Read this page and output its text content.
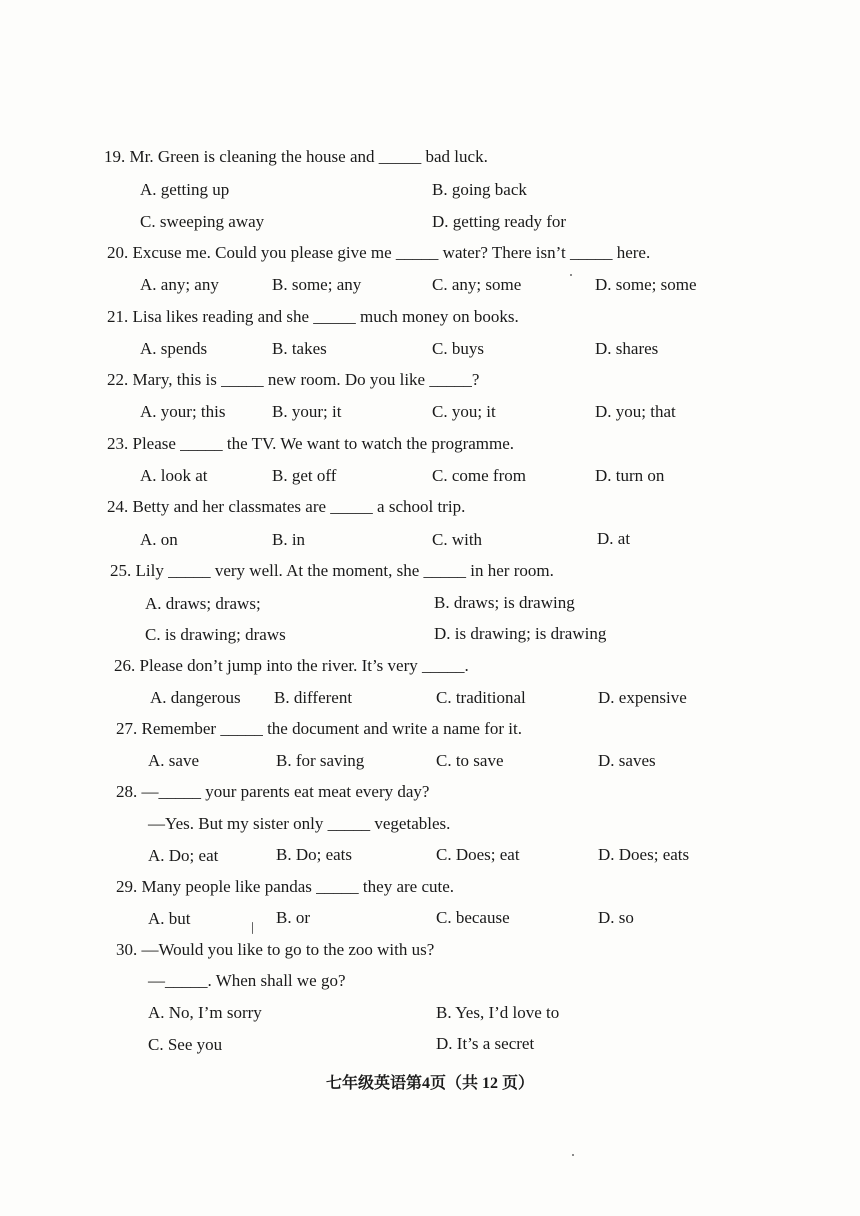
19. Mr. Green is cleaning the house and _____ bad luck.
A. getting up	B. going back
C. sweeping away	D. getting ready for
20. Excuse me. Could you please give me _____ water? There isn’t _____ here.
A. any; any	B. some; any	C. any; some	D. some; some
21. Lisa likes reading and she _____ much money on books.
A. spends	B. takes	C. buys	D. shares
22. Mary, this is _____ new room. Do you like _____?
A. your; this	B. your; it	C. you; it	D. you; that
23. Please _____ the TV. We want to watch the programme.
A. look at	B. get off	C. come from	D. turn on
24. Betty and her classmates are _____ a school trip.
A. on	B. in	C. with	D. at
25. Lily _____ very well. At the moment, she _____ in her room.
A. draws; draws;	B. draws; is drawing
C. is drawing; draws	D. is drawing; is drawing
26. Please don’t jump into the river. It’s very _____.
A. dangerous B. different	C. traditional	D. expensive
27. Remember _____ the document and write a name for it.
A. save	B. for saving	C. to save	D. saves
28. —_____ your parents eat meat every day?
—Yes. But my sister only _____ vegetables.
A. Do; eat	B. Do; eats	C. Does; eat	D. Does; eats
29. Many people like pandas _____ they are cute.
A. but	B. or	C. because	D. so
30. —Would you like to go to the zoo with us?
—_____. When shall we go?
A. No, I’m sorry	B. Yes, I’d love to
C. See you	D. It’s a secret
七年级英语第4页（共 12 页）
